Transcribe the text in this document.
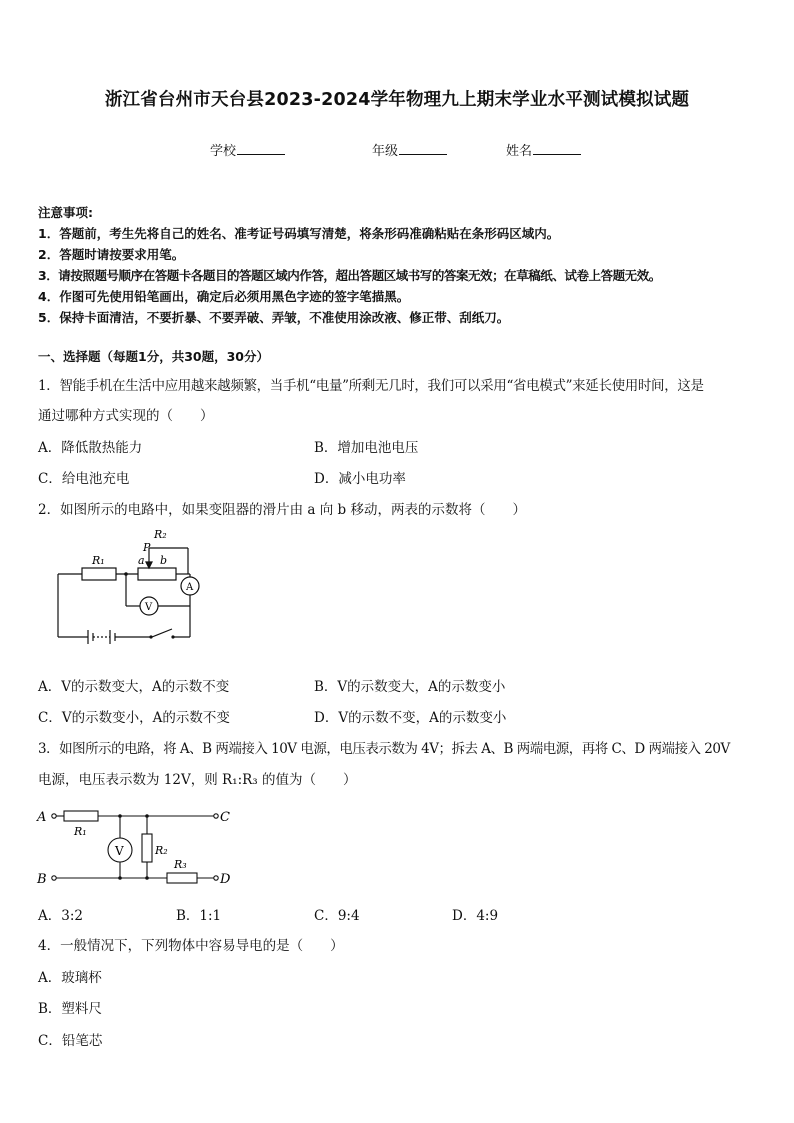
浙江省台州市天台县2023-2024学年物理九上期末学业水平测试模拟试题
学校	年级	姓名
注意事项:
1．答题前，考生先将自己的姓名、准考证号码填写清楚，将条形码准确粘贴在条形码区域内。
2．答题时请按要求用笔。
3．请按照题号顺序在答题卡各题目的答题区域内作答，超出答题区域书写的答案无效；在草稿纸、试卷上答题无效。
4．作图可先使用铅笔画出，确定后必须用黑色字迹的签字笔描黑。
5．保持卡面清洁，不要折暴、不要弄破、弄皱，不准使用涂改液、修正带、刮纸刀。
一、选择题（每题1分，共30题，30分）
1．智能手机在生活中应用越来越频繁，当手机“电量”所剩无几时，我们可以采用“省电模式”来延长使用时间，这是
通过哪种方式实现的（　　）
A．降低散热能力	B．增加电池电压
C．给电池充电	D．减小电功率
2．如图所示的电路中，如果变阻器的滑片由 a 向 b 移动，两表的示数将（　　）
R₂
P
a b
R₁
A
V
A．V的示数变大，A的示数不变	B．V的示数变大，A的示数变小
C．V的示数变小，A的示数不变	D．V的示数不变，A的示数变小
3．如图所示的电路，将 A、B 两端接入 10V 电源，电压表示数为 4V；拆去 A、B 两端电源，再将 C、D 两端接入 20V
电源，电压表示数为 12V，则 R₁:R₃ 的值为（　　）
A
B
C
D
R₁
R₂
R₃
V
A．3:2	B．1:1	C．9:4	D．4:9
4．一般情况下，下列物体中容易导电的是（　　）
A．玻璃杯
B．塑料尺
C．铅笔芯
